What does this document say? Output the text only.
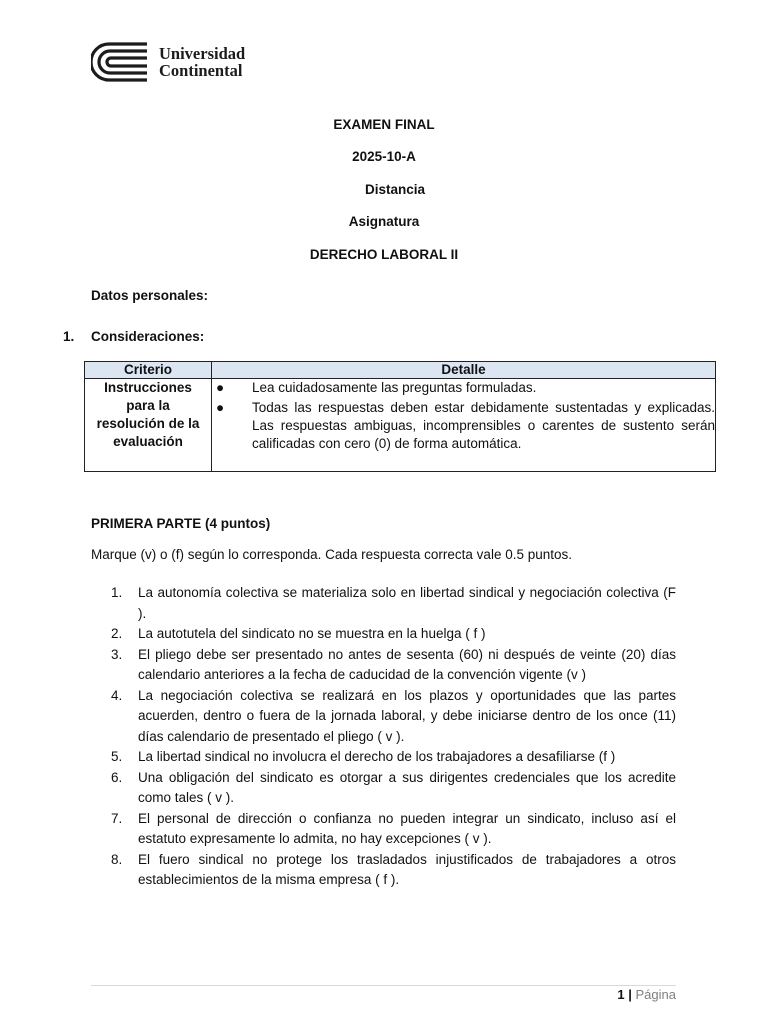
Universidad
Continental
EXAMEN FINAL
2025-10-A
Distancia
Asignatura
DERECHO LABORAL II
Datos personales:
1. Consideraciones:
Criterio	Detalle

Instrucciones para la resolución de la evaluación	● Lea cuidadosamente las preguntas formuladas.
● Todas las respuestas deben estar debidamente sustentadas y explicadas. Las respuestas ambiguas, incomprensibles o carentes de sustento serán calificadas con cero (0) de forma automática.
PRIMERA PARTE (4 puntos)
Marque (v) o (f) según lo corresponda. Cada respuesta correcta vale 0.5 puntos.
1.	La autonomía colectiva se materializa solo en libertad sindical y negociación colectiva (F ).
2.	La autotutela del sindicato no se muestra en la huelga ( f )
3.	El pliego debe ser presentado no antes de sesenta (60) ni después de veinte (20) días calendario anteriores a la fecha de caducidad de la convención vigente (v )
4.	La negociación colectiva se realizará en los plazos y oportunidades que las partes acuerden, dentro o fuera de la jornada laboral, y debe iniciarse dentro de los once (11) días calendario de presentado el pliego ( v ).
5.	La libertad sindical no involucra el derecho de los trabajadores a desafiliarse (f )
6.	Una obligación del sindicato es otorgar a sus dirigentes credenciales que los acredite como tales ( v ).
7.	El personal de dirección o confianza no pueden integrar un sindicato, incluso así el estatuto expresamente lo admita, no hay excepciones ( v ).
8.	El fuero sindical no protege los trasladados injustificados de trabajadores a otros establecimientos de la misma empresa ( f ).
1 | Página
